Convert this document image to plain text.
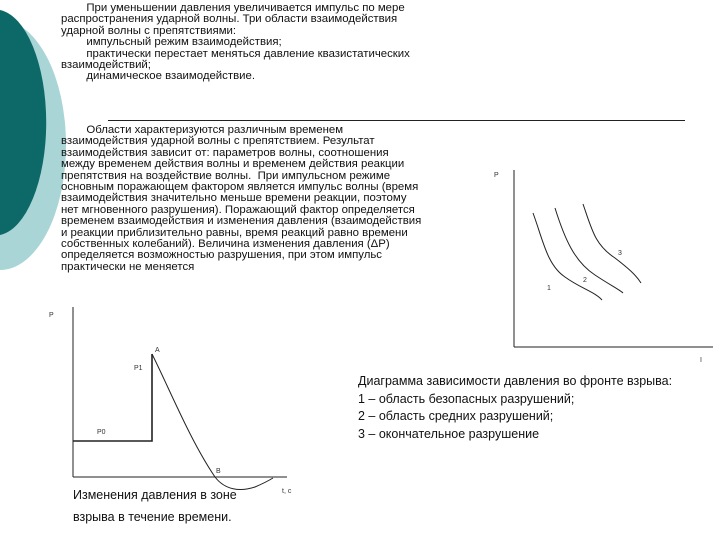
При уменьшении давления увеличивается импульс по мере
распространения ударной волны. Три области взаимодействия
ударной волны с препятствиями:
импульсный режим взаимодействия;
практически перестает меняться давление квазистатических
взаимодействий;
динамическое взаимодействие.
Области характеризуются различным временем
взаимодействия ударной волны с препятствием. Результат
взаимодействия зависит от: параметров волны, соотношения
между временем действия волны и временем действия реакции
препятствия на воздействие волны.  При импульсном режиме
основным поражающем фактором является импульс волны (время
взаимодействия значительно меньше времени реакции, поэтому
нет мгновенного разрушения). Поражающий фактор определяется
временем взаимодействия и изменения давления (взаимодействия
и реакции приблизительно равны, время реакций равно времени
собственных колебаний). Величина изменения давления (ΔP)
определяется возможностью разрушения, при этом импульс
практически не меняется
P
I
1
2
3
P
t, c
A
B
P1
P0
Диаграмма зависимости давления во фронте взрыва:
1 – область безопасных разрушений;
2 – область средних разрушений;
3 – окончательное разрушение
Изменения давления в зоне
взрыва в течение времени.
